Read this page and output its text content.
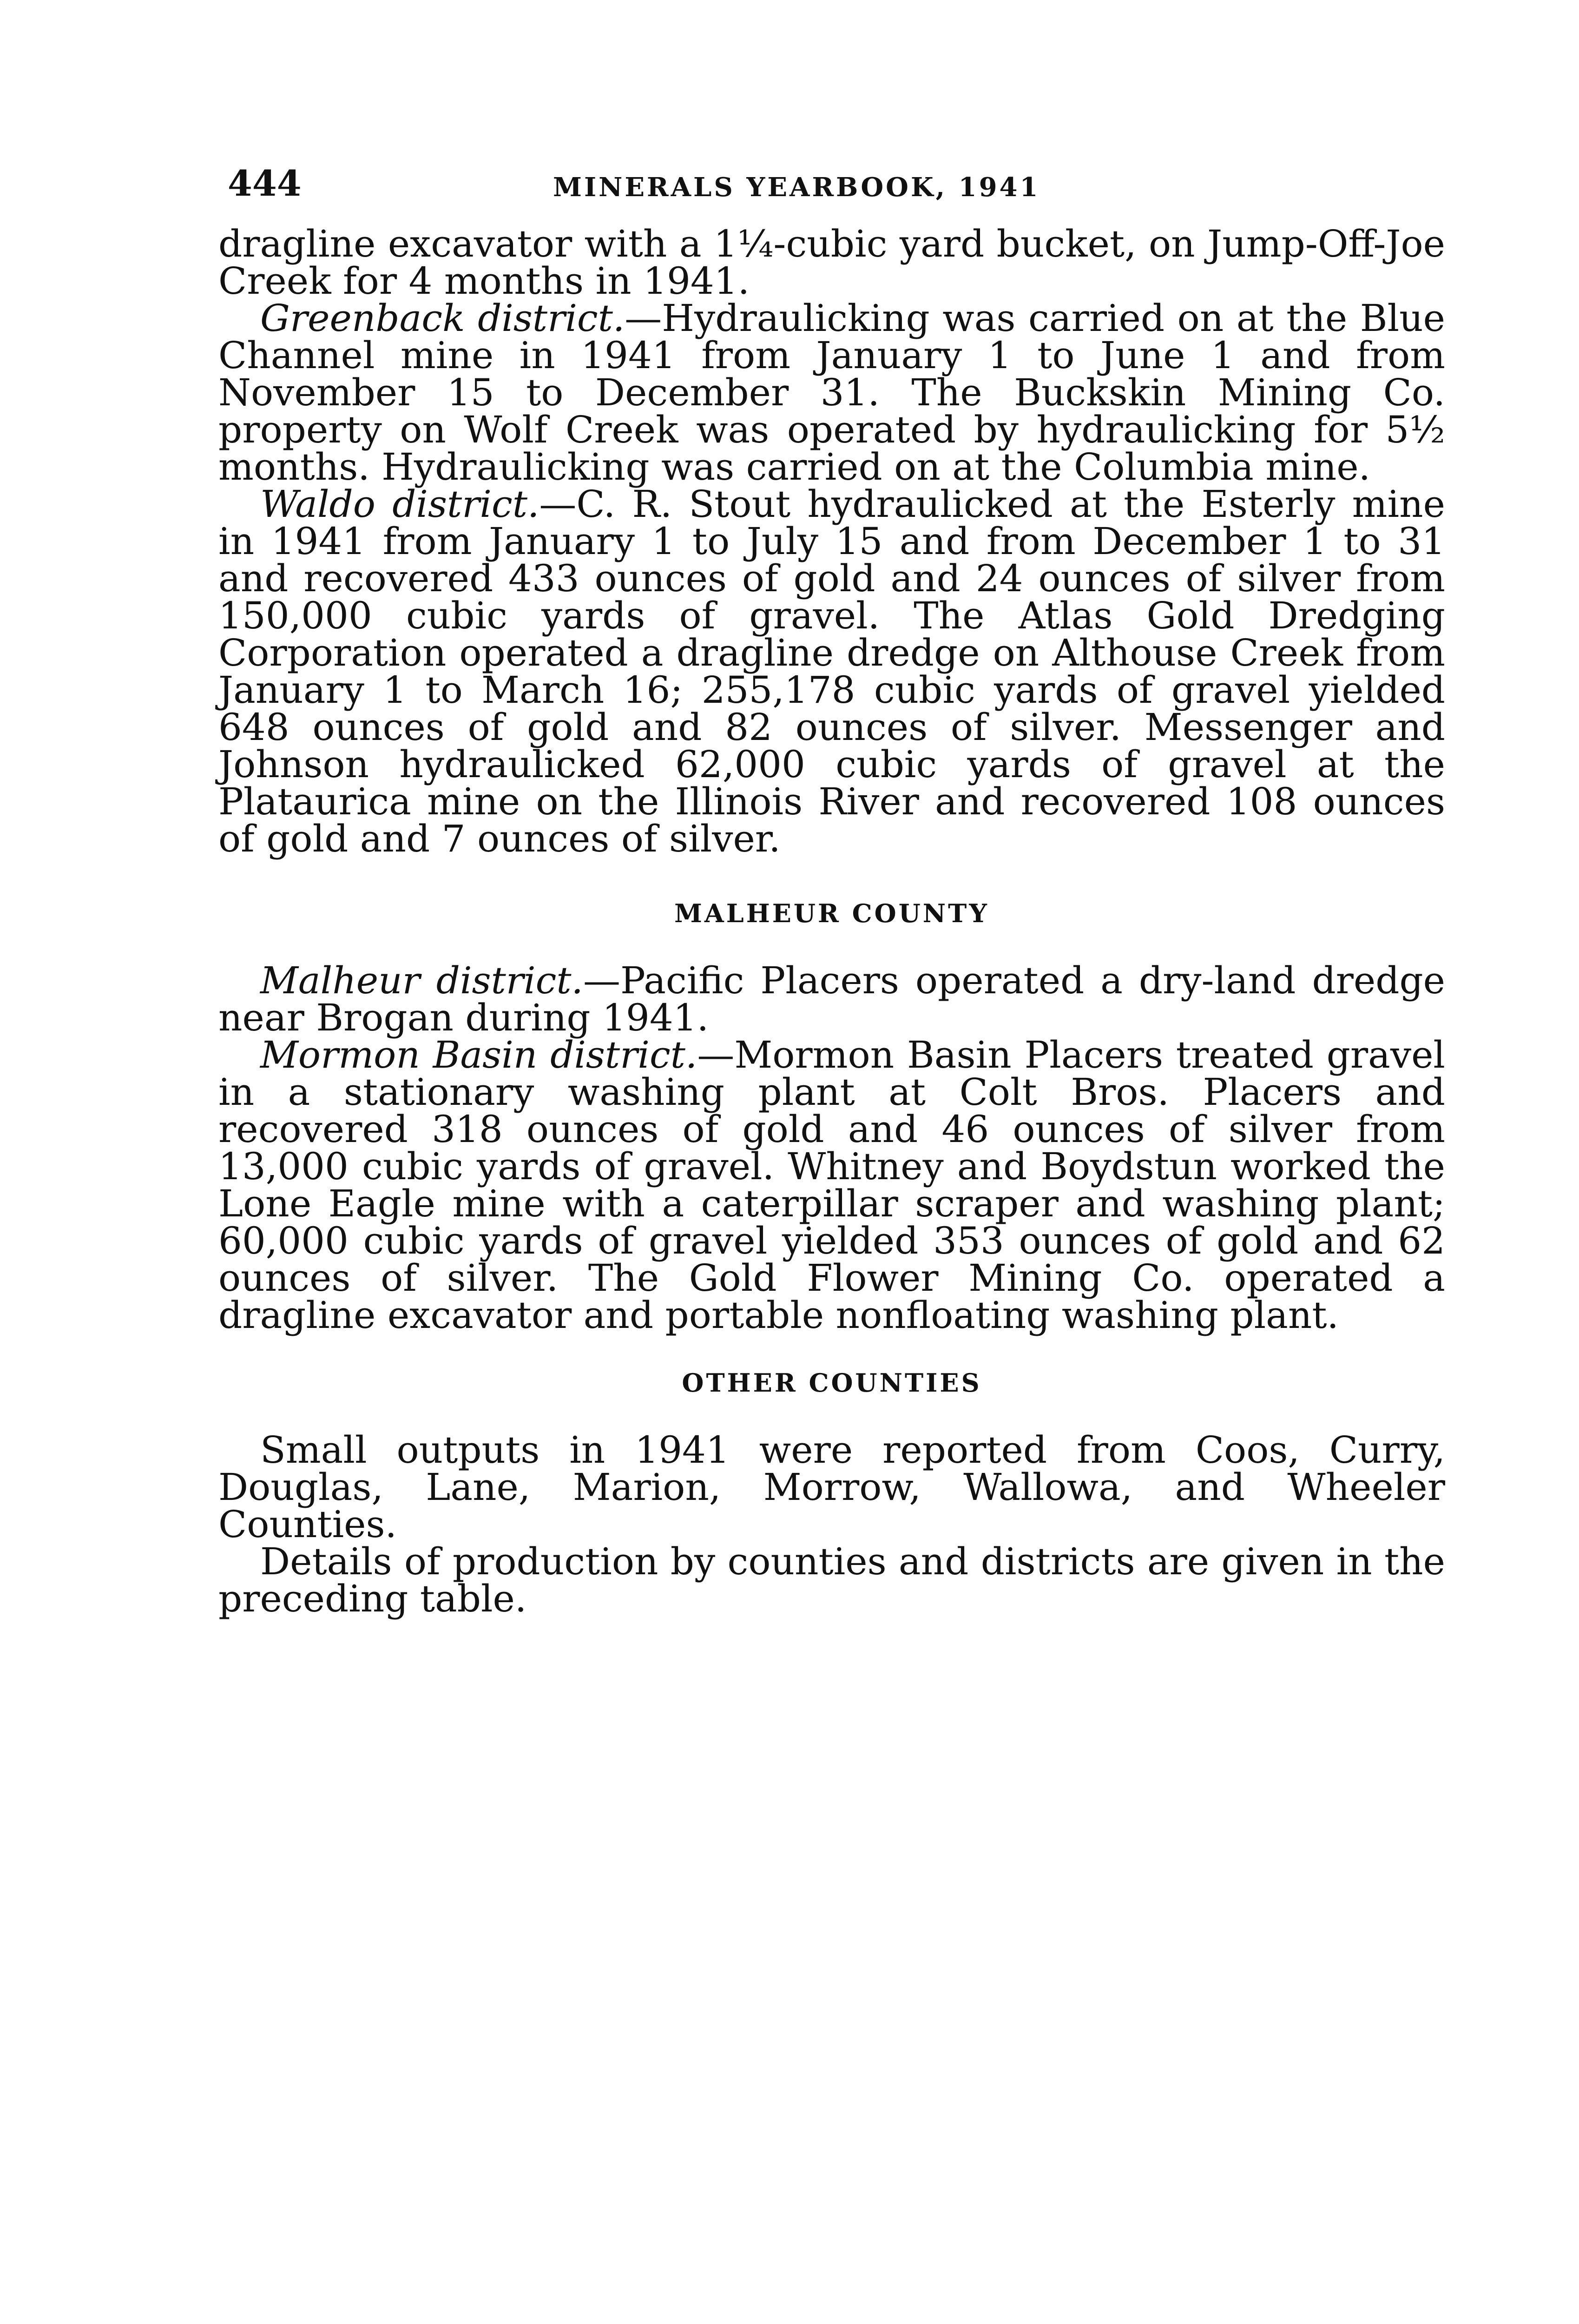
444	MINERALS YEARBOOK, 1941

dragline excavator with a 1¼-cubic yard bucket, on Jump-Off-Joe Creek for 4 months in 1941.

Greenback district.—Hydraulicking was carried on at the Blue Channel mine in 1941 from January 1 to June 1 and from November 15 to December 31. The Buckskin Mining Co. property on Wolf Creek was operated by hydraulicking for 5½ months. Hydraulicking was carried on at the Columbia mine.

Waldo district.—C. R. Stout hydraulicked at the Esterly mine in 1941 from January 1 to July 15 and from December 1 to 31 and recovered 433 ounces of gold and 24 ounces of silver from 150,000 cubic yards of gravel. The Atlas Gold Dredging Corporation operated a dragline dredge on Althouse Creek from January 1 to March 16; 255,178 cubic yards of gravel yielded 648 ounces of gold and 82 ounces of silver. Messenger and Johnson hydraulicked 62,000 cubic yards of gravel at the Plataurica mine on the Illinois River and recovered 108 ounces of gold and 7 ounces of silver.

MALHEUR COUNTY

Malheur district.—Pacific Placers operated a dry-land dredge near Brogan during 1941.

Mormon Basin district.—Mormon Basin Placers treated gravel in a stationary washing plant at Colt Bros. Placers and recovered 318 ounces of gold and 46 ounces of silver from 13,000 cubic yards of gravel. Whitney and Boydstun worked the Lone Eagle mine with a caterpillar scraper and washing plant; 60,000 cubic yards of gravel yielded 353 ounces of gold and 62 ounces of silver. The Gold Flower Mining Co. operated a dragline excavator and portable nonfloating washing plant.

OTHER COUNTIES

Small outputs in 1941 were reported from Coos, Curry, Douglas, Lane, Marion, Morrow, Wallowa, and Wheeler Counties.

Details of production by counties and districts are given in the preceding table.
